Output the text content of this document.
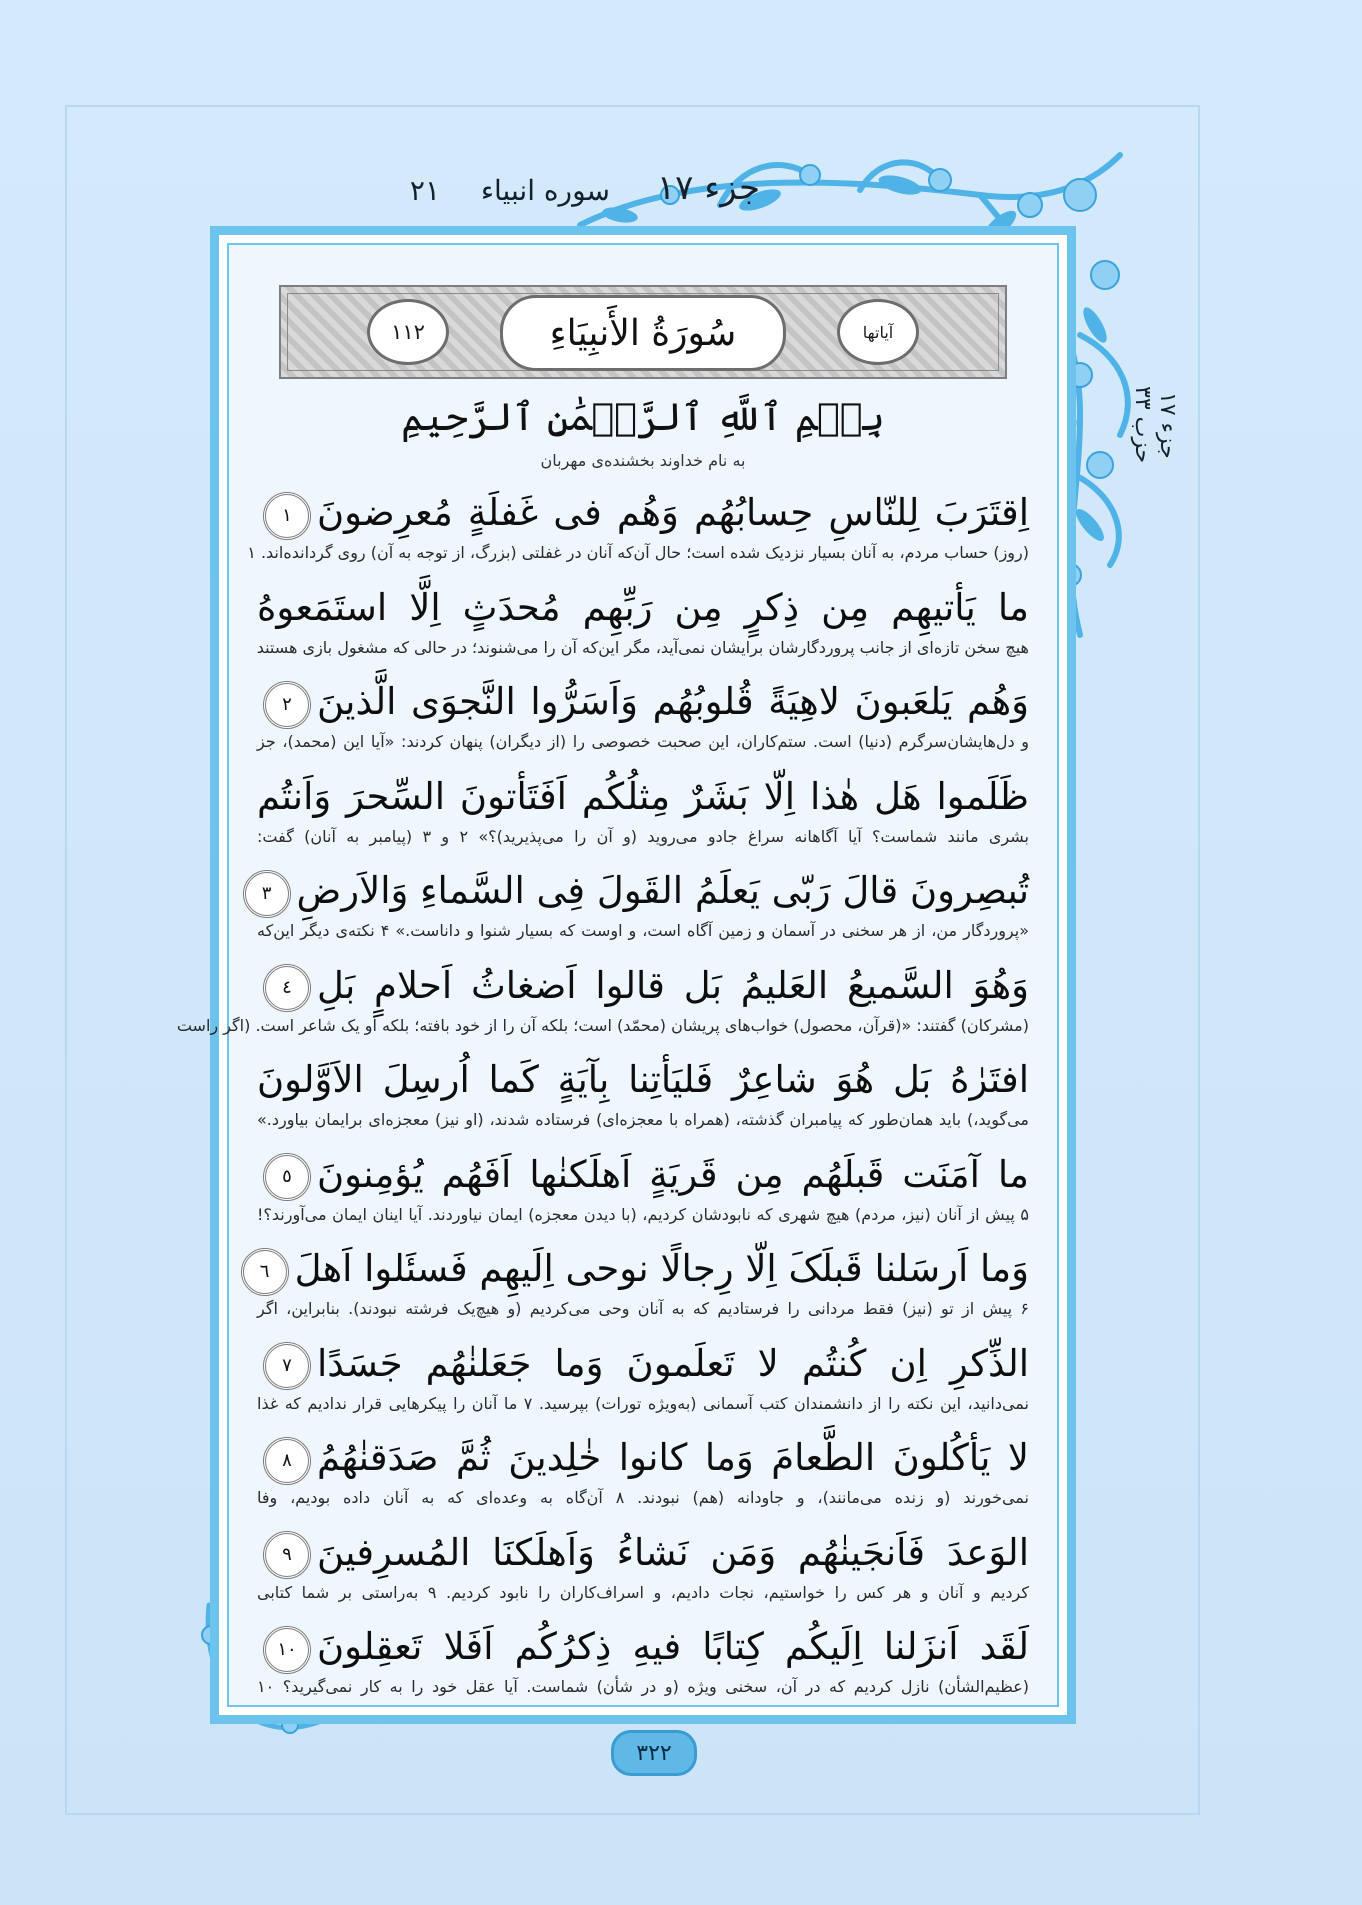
جزء ۱۷
سوره انبياء
۲۱
جزء ۱۷
حزب ۳۳
۱۱۲	سُورَةُ الأَنبِيَاءِ	آیاتها
بِسۡمِ ٱللَّهِ ٱلرَّحۡمَٰنِ ٱلرَّحِيمِ
به نام خداوند بخشنده‌ی مهربان
اِقتَرَبَ لِلنّاسِ حِسابُهُم وَهُم فی غَفلَةٍ مُعرِضونَ١
(روز) حساب مردم، به آنان بسیار نزدیک شده است؛ حال آن‌که آنان در غفلتی (بزرگ، از توجه به آن) روی گردانده‌اند. ۱
ما یَأتیهِم مِن ذِکرٍ مِن رَبِّهِم مُحدَثٍ اِلَّا استَمَعوهُ
هیچ سخن تازه‌ای از جانب پروردگارشان برایشان نمی‌آید، مگر این‌که آن را می‌شنوند؛ در حالی که مشغول بازی هستند
وَهُم یَلعَبونَ لاهِیَةً قُلوبُهُم وَاَسَرُّوا النَّجوَی الَّذینَ٢
و دل‌هایشان‌سرگرم (دنیا) است. ستم‌کاران، این صحبت خصوصی را (از دیگران) پنهان کردند: «آیا این (محمد)، جز
ظَلَموا هَل هٰذا اِلّا بَشَرٌ مِثلُکُم اَفَتَأتونَ السِّحرَ وَاَنتُم
بشری مانند شماست؟ آیا آگاهانه سراغ جادو می‌روید (و آن را می‌پذیرید)؟» ۲ و ۳ (پیامبر به آنان) گفت:
تُبصِرونَ قالَ رَبّی یَعلَمُ القَولَ فِی السَّماءِ وَالاَرضِ٣
«پروردگار من، از هر سخنی در آسمان و زمین آگاه است، و اوست که بسیار شنوا و داناست.» ۴ نکته‌ی دیگر این‌که
وَهُوَ السَّمیعُ العَلیمُ بَل قالوا اَضغاثُ اَحلامٍ بَلِ٤
(مشرکان) گفتند: «(قرآن، محصول) خواب‌های پریشان (محمّد) است؛ بلکه آن را از خود بافته؛ بلکه او یک شاعر است. (اگر راست
افتَرٰهُ بَل هُوَ شاعِرٌ فَلیَأتِنا بِآیَةٍ کَما اُرسِلَ الاَوَّلونَ
می‌گوید،) باید همان‌طور که پیامبران گذشته، (همراه با معجزه‌ای) فرستاده شدند، (او نیز) معجزه‌ای برایمان بیاورد.»
ما آمَنَت قَبلَهُم مِن قَریَةٍ اَهلَکنٰها اَفَهُم یُؤمِنونَ٥
۵ پیش از آنان (نیز، مردم) هیچ شهری که نابودشان کردیم، (با دیدن معجزه) ایمان نیاوردند. آیا اینان ایمان می‌آورند؟!
وَما اَرسَلنا قَبلَکَ اِلّا رِجالًا نوحی اِلَیهِم فَسئَلوا اَهلَ٦
۶ پیش از تو (نیز) فقط مردانی را فرستادیم که به آنان وحی می‌کردیم (و هیچ‌یک فرشته نبودند). بنابراین، اگر
الذِّکرِ اِن کُنتُم لا تَعلَمونَ وَما جَعَلنٰهُم جَسَدًا٧
نمی‌دانید، این نکته را از دانشمندان کتب آسمانی (به‌ویژه تورات) بپرسید. ۷ ما آنان را پیکرهایی قرار ندادیم که غذا
لا یَأکُلونَ الطَّعامَ وَما کانوا خٰلِدینَ ثُمَّ صَدَقنٰهُمُ٨
نمی‌خورند (و زنده می‌مانند)، و جاودانه (هم) نبودند. ۸ آن‌گاه به وعده‌ای که به آنان داده بودیم، وفا
الوَعدَ فَاَنجَینٰهُم وَمَن نَشاءُ وَاَهلَکنَا المُسرِفینَ٩
کردیم و آنان و هر کس را خواستیم، نجات دادیم، و اسراف‌کاران را نابود کردیم. ۹ به‌راستی بر شما کتابی
لَقَد اَنزَلنا اِلَیکُم کِتابًا فیهِ ذِکرُکُم اَفَلا تَعقِلونَ١٠
(عظیم‌الشأن) نازل کردیم که در آن، سخنی ویژه (و در شأن) شماست. آیا عقل خود را به کار نمی‌گیرید؟ ۱۰
۳۲۲
